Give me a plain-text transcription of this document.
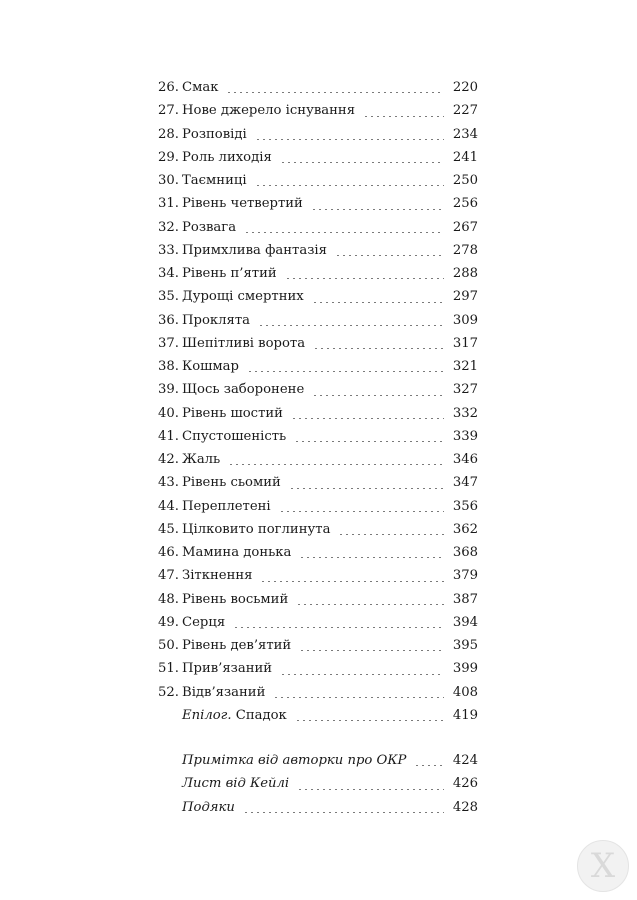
26. Смак	220
27. Нове джерело існування	227
28. Розповіді	234
29. Роль лиходія	241
30. Таємниці	250
31. Рівень четвертий	256
32. Розвага	267
33. Примхлива фантазія	278
34. Рівень п’ятий	288
35. Дурощі смертних	297
36. Проклята	309
37. Шепітливі ворота	317
38. Кошмар	321
39. Щось заборонене	327
40. Рівень шостий	332
41. Спустошеність	339
42. Жаль	346
43. Рівень сьомий	347
44. Переплетені	356
45. Цілковито поглинута	362
46. Мамина донька	368
47. Зіткнення	379
48. Рівень восьмий	387
49. Серця	394
50. Рівень дев’ятий	395
51. Прив’язаний	399
52. Відв’язаний	408
Епілог. Спадок	419
Примітка від авторки про ОКР	424
Лист від Кейлі	426
Подяки	428
X
